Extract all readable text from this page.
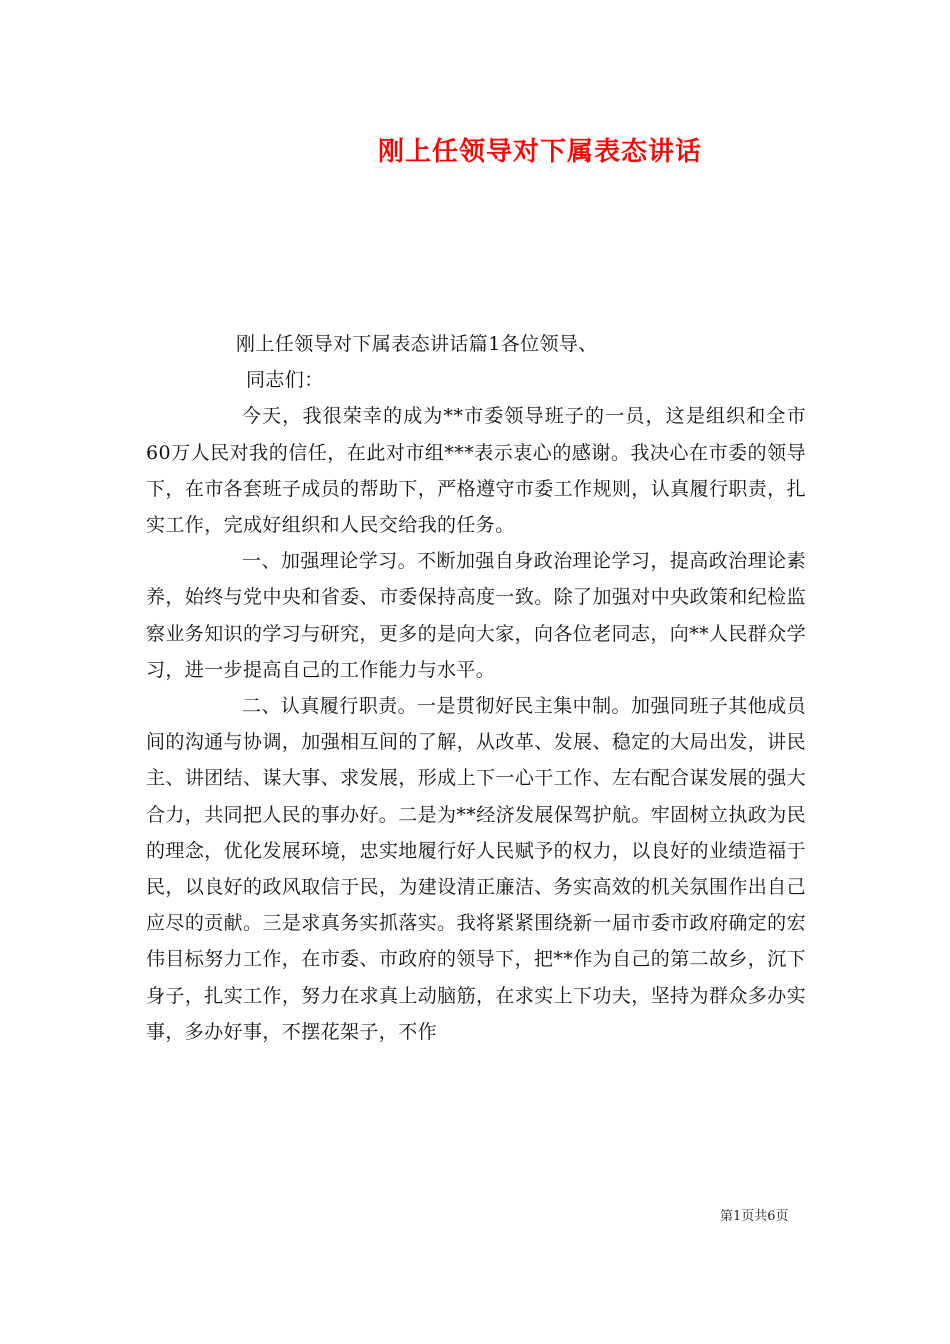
刚上任领导对下属表态讲话

刚上任领导对下属表态讲话篇1各位领导、

同志们：

今天，我很荣幸的成为**市委领导班子的一员，这是组织和全市60万人民对我的信任，在此对市组***表示衷心的感谢。我决心在市委的领导下，在市各套班子成员的帮助下，严格遵守市委工作规则，认真履行职责，扎实工作，完成好组织和人民交给我的任务。

一、加强理论学习。不断加强自身政治理论学习，提高政治理论素养，始终与党中央和省委、市委保持高度一致。除了加强对中央政策和纪检监察业务知识的学习与研究，更多的是向大家，向各位老同志，向**人民群众学习，进一步提高自己的工作能力与水平。

二、认真履行职责。一是贯彻好民主集中制。加强同班子其他成员间的沟通与协调，加强相互间的了解，从改革、发展、稳定的大局出发，讲民主、讲团结、谋大事、求发展，形成上下一心干工作、左右配合谋发展的强大合力，共同把人民的事办好。二是为**经济发展保驾护航。牢固树立执政为民的理念，优化发展环境，忠实地履行好人民赋予的权力，以良好的业绩造福于民，以良好的政风取信于民，为建设清正廉洁、务实高效的机关氛围作出自己应尽的贡献。三是求真务实抓落实。我将紧紧围绕新一届市委市政府确定的宏伟目标努力工作，在市委、市政府的领导下，把**作为自己的第二故乡，沉下身子，扎实工作，努力在求真上动脑筋，在求实上下功夫，坚持为群众多办实事，多办好事，不摆花架子，不作

第1页共6页
